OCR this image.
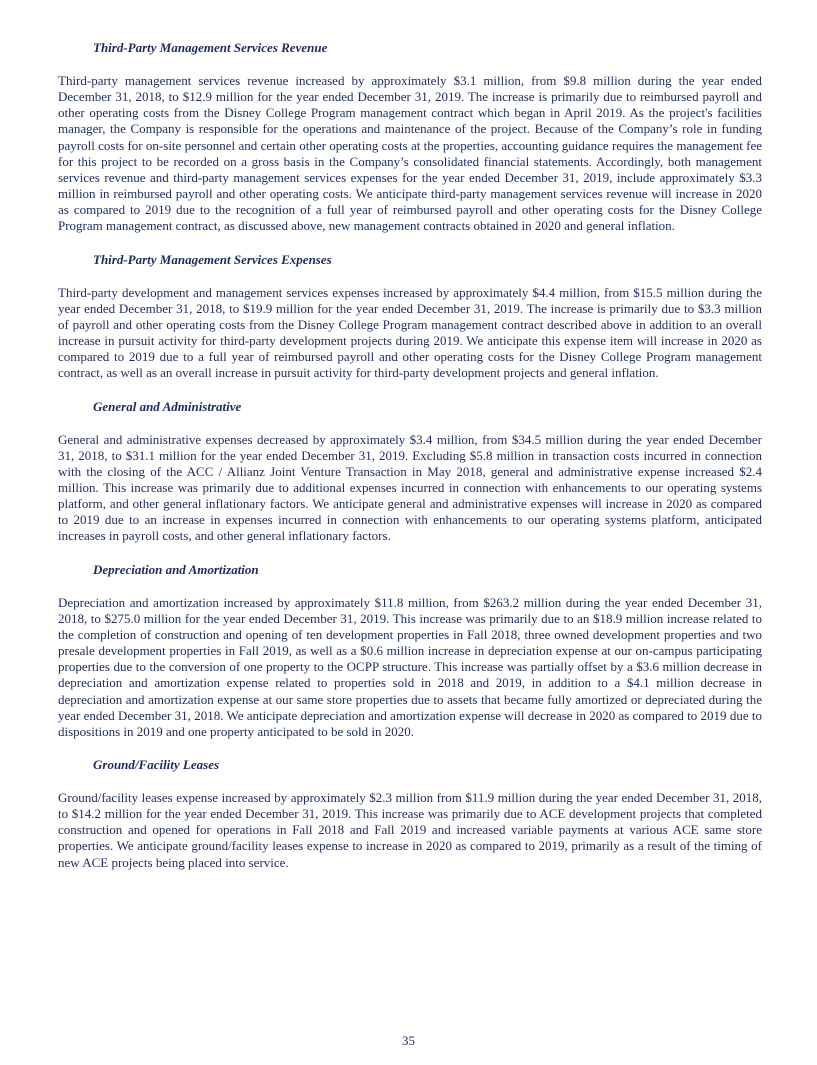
Third-Party Management Services Revenue

Third-party management services revenue increased by approximately $3.1 million, from $9.8 million during the year ended December 31, 2018, to $12.9 million for the year ended December 31, 2019. The increase is primarily due to reimbursed payroll and other operating costs from the Disney College Program management contract which began in April 2019. As the project's facilities manager, the Company is responsible for the operations and maintenance of the project. Because of the Company’s role in funding payroll costs for on-site personnel and certain other operating costs at the properties, accounting guidance requires the management fee for this project to be recorded on a gross basis in the Company’s consolidated financial statements. Accordingly, both management services revenue and third-party management services expenses for the year ended December 31, 2019, include approximately $3.3 million in reimbursed payroll and other operating costs. We anticipate third-party management services revenue will increase in 2020 as compared to 2019 due to the recognition of a full year of reimbursed payroll and other operating costs for the Disney College Program management contract, as discussed above, new management contracts obtained in 2020 and general inflation.

Third-Party Management Services Expenses

Third-party development and management services expenses increased by approximately $4.4 million, from $15.5 million during the year ended December 31, 2018, to $19.9 million for the year ended December 31, 2019. The increase is primarily due to $3.3 million of payroll and other operating costs from the Disney College Program management contract described above in addition to an overall increase in pursuit activity for third-party development projects during 2019. We anticipate this expense item will increase in 2020 as compared to 2019 due to a full year of reimbursed payroll and other operating costs for the Disney College Program management contract, as well as an overall increase in pursuit activity for third-party development projects and general inflation.

General and Administrative

General and administrative expenses decreased by approximately $3.4 million, from $34.5 million during the year ended December 31, 2018, to $31.1 million for the year ended December 31, 2019. Excluding $5.8 million in transaction costs incurred in connection with the closing of the ACC / Allianz Joint Venture Transaction in May 2018, general and administrative expense increased $2.4 million. This increase was primarily due to additional expenses incurred in connection with enhancements to our operating systems platform, and other general inflationary factors. We anticipate general and administrative expenses will increase in 2020 as compared to 2019 due to an increase in expenses incurred in connection with enhancements to our operating systems platform, anticipated increases in payroll costs, and other general inflationary factors.

Depreciation and Amortization

Depreciation and amortization increased by approximately $11.8 million, from $263.2 million during the year ended December 31, 2018, to $275.0 million for the year ended December 31, 2019. This increase was primarily due to an $18.9 million increase related to the completion of construction and opening of ten development properties in Fall 2018, three owned development properties and two presale development properties in Fall 2019, as well as a $0.6 million increase in depreciation expense at our on-campus participating properties due to the conversion of one property to the OCPP structure. This increase was partially offset by a $3.6 million decrease in depreciation and amortization expense related to properties sold in 2018 and 2019, in addition to a $4.1 million decrease in depreciation and amortization expense at our same store properties due to assets that became fully amortized or depreciated during the year ended December 31, 2018. We anticipate depreciation and amortization expense will decrease in 2020 as compared to 2019 due to dispositions in 2019 and one property anticipated to be sold in 2020.

Ground/Facility Leases

Ground/facility leases expense increased by approximately $2.3 million from $11.9 million during the year ended December 31, 2018, to $14.2 million for the year ended December 31, 2019. This increase was primarily due to ACE development projects that completed construction and opened for operations in Fall 2018 and Fall 2019 and increased variable payments at various ACE same store properties. We anticipate ground/facility leases expense to increase in 2020 as compared to 2019, primarily as a result of the timing of new ACE projects being placed into service.

35
